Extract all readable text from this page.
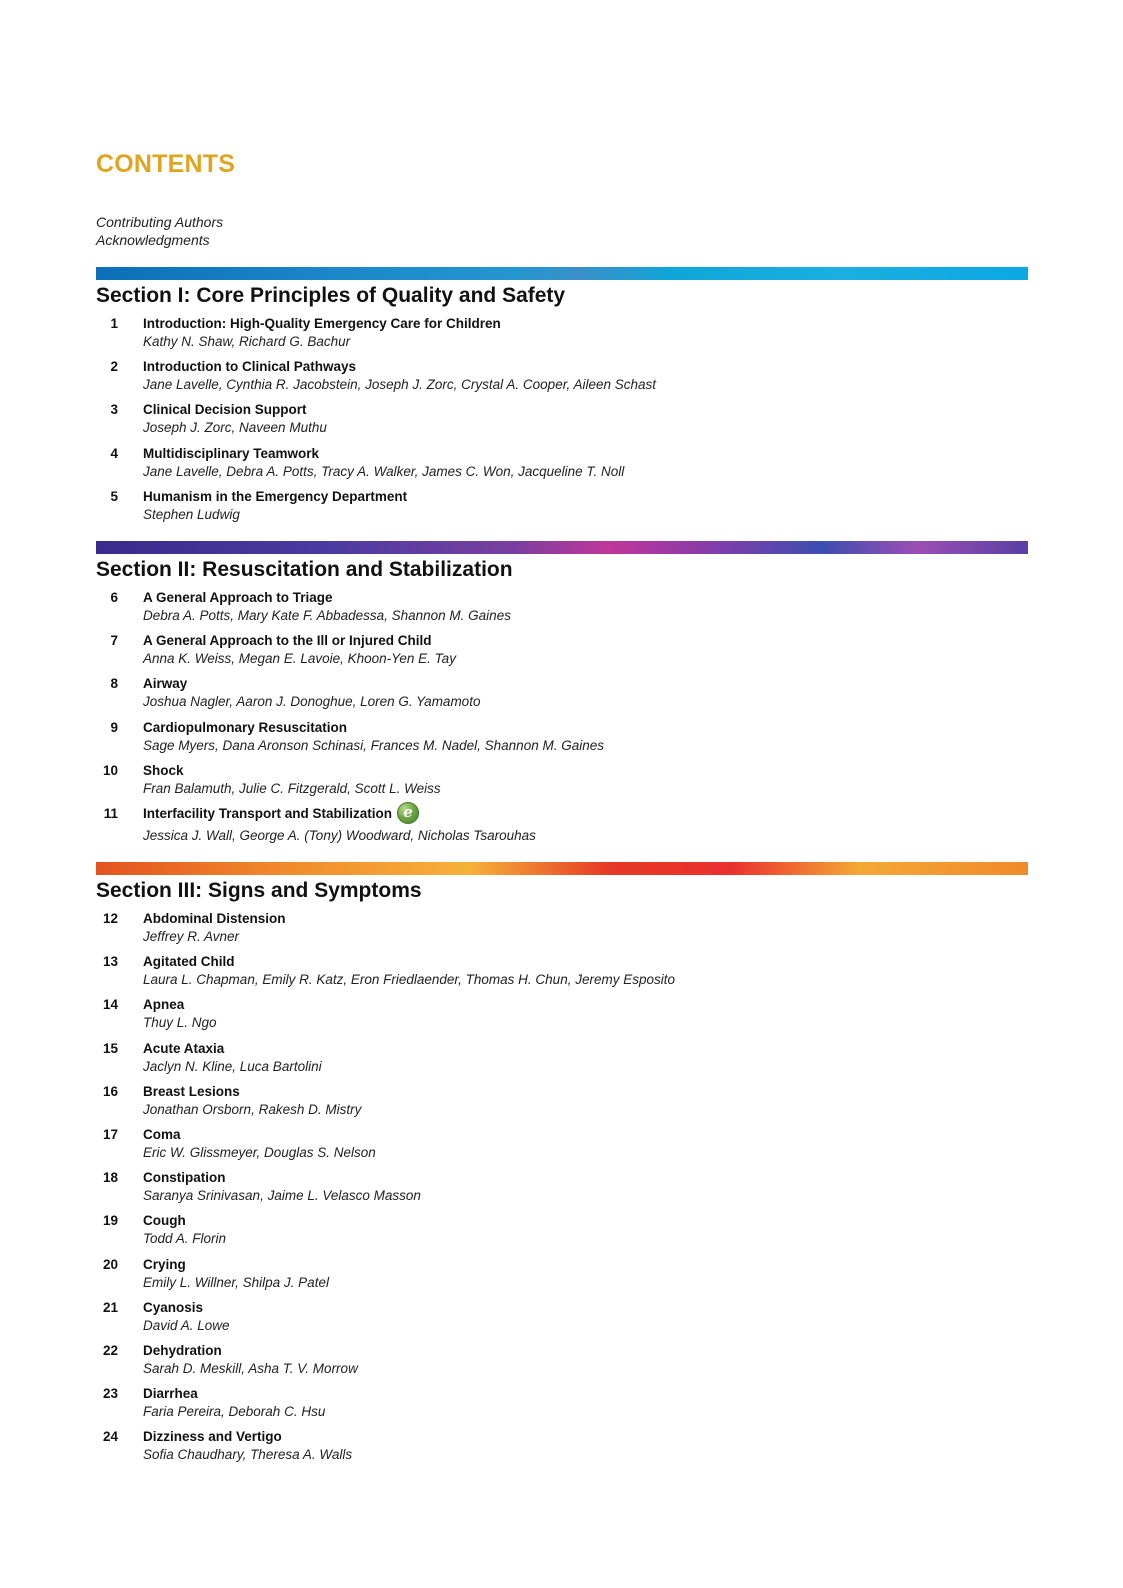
CONTENTS
Contributing Authors
Acknowledgments
Section I: Core Principles of Quality and Safety
1 Introduction: High-Quality Emergency Care for Children
Kathy N. Shaw, Richard G. Bachur
2 Introduction to Clinical Pathways
Jane Lavelle, Cynthia R. Jacobstein, Joseph J. Zorc, Crystal A. Cooper, Aileen Schast
3 Clinical Decision Support
Joseph J. Zorc, Naveen Muthu
4 Multidisciplinary Teamwork
Jane Lavelle, Debra A. Potts, Tracy A. Walker, James C. Won, Jacqueline T. Noll
5 Humanism in the Emergency Department
Stephen Ludwig
Section II: Resuscitation and Stabilization
6 A General Approach to Triage
Debra A. Potts, Mary Kate F. Abbadessa, Shannon M. Gaines
7 A General Approach to the Ill or Injured Child
Anna K. Weiss, Megan E. Lavoie, Khoon-Yen E. Tay
8 Airway
Joshua Nagler, Aaron J. Donoghue, Loren G. Yamamoto
9 Cardiopulmonary Resuscitation
Sage Myers, Dana Aronson Schinasi, Frances M. Nadel, Shannon M. Gaines
10 Shock
Fran Balamuth, Julie C. Fitzgerald, Scott L. Weiss
11 Interfacility Transport and Stabilization e
Jessica J. Wall, George A. (Tony) Woodward, Nicholas Tsarouhas
Section III: Signs and Symptoms
12 Abdominal Distension
Jeffrey R. Avner
13 Agitated Child
Laura L. Chapman, Emily R. Katz, Eron Friedlaender, Thomas H. Chun, Jeremy Esposito
14 Apnea
Thuy L. Ngo
15 Acute Ataxia
Jaclyn N. Kline, Luca Bartolini
16 Breast Lesions
Jonathan Orsborn, Rakesh D. Mistry
17 Coma
Eric W. Glissmeyer, Douglas S. Nelson
18 Constipation
Saranya Srinivasan, Jaime L. Velasco Masson
19 Cough
Todd A. Florin
20 Crying
Emily L. Willner, Shilpa J. Patel
21 Cyanosis
David A. Lowe
22 Dehydration
Sarah D. Meskill, Asha T. V. Morrow
23 Diarrhea
Faria Pereira, Deborah C. Hsu
24 Dizziness and Vertigo
Sofia Chaudhary, Theresa A. Walls
